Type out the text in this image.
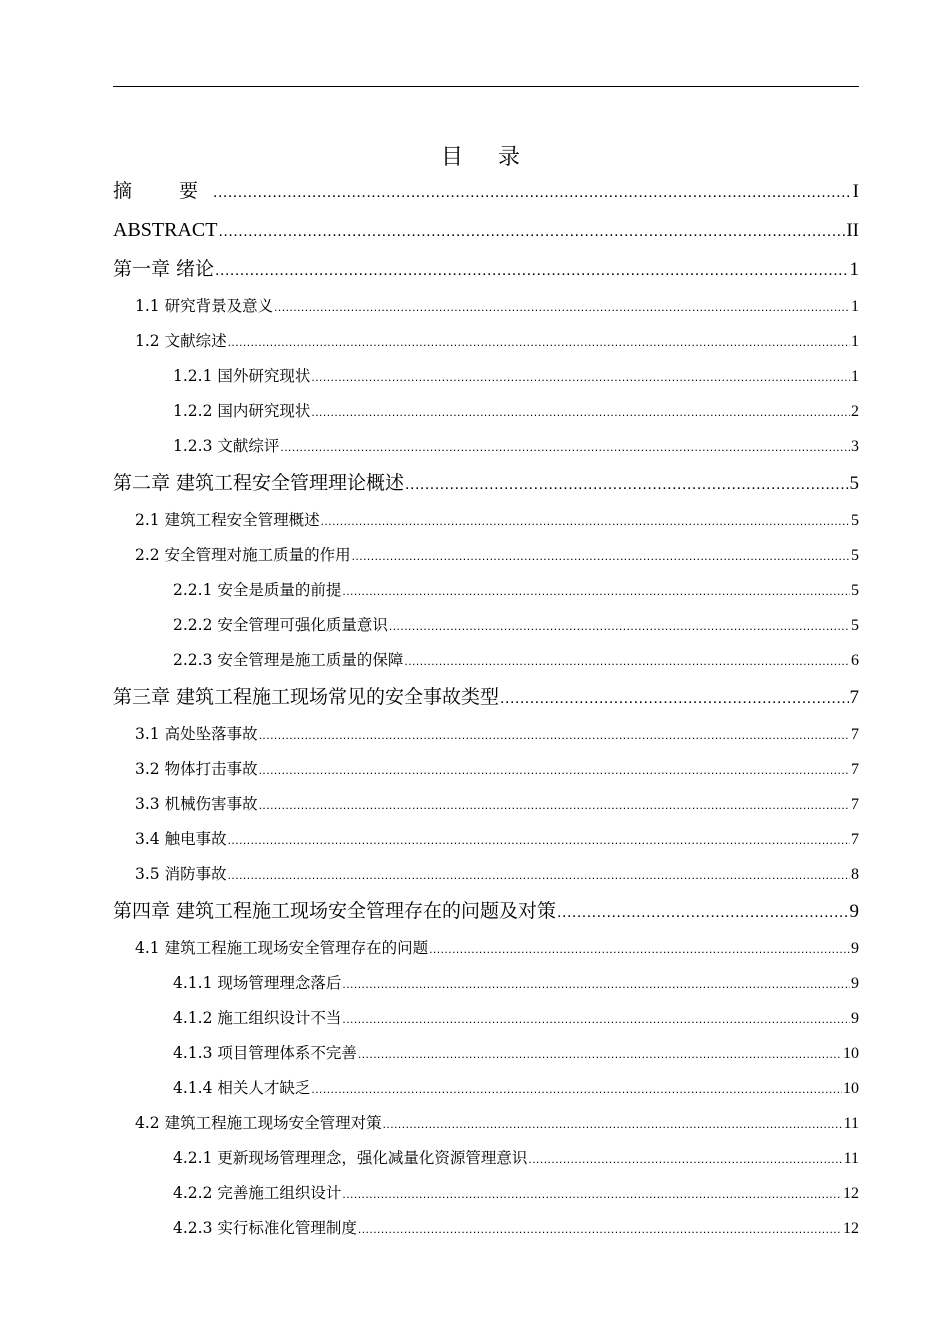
目 录
摘　要 .....	I
ABSTRACT .....	II
第一章 绪论 .....	1
1.1 研究背景及意义 .....	1
1.2 文献综述 .....	1
1.2.1 国外研究现状 .....	1
1.2.2 国内研究现状 .....	2
1.2.3 文献综评 .....	3
第二章 建筑工程安全管理理论概述 .....	5
2.1 建筑工程安全管理概述 .....	5
2.2 安全管理对施工质量的作用 .....	5
2.2.1 安全是质量的前提 .....	5
2.2.2 安全管理可强化质量意识 .....	5
2.2.3 安全管理是施工质量的保障 .....	6
第三章 建筑工程施工现场常见的安全事故类型 .....	7
3.1 高处坠落事故 .....	7
3.2 物体打击事故 .....	7
3.3 机械伤害事故 .....	7
3.4 触电事故 .....	7
3.5 消防事故 .....	8
第四章 建筑工程施工现场安全管理存在的问题及对策 .....	9
4.1 建筑工程施工现场安全管理存在的问题 .....	9
4.1.1 现场管理理念落后 .....	9
4.1.2 施工组织设计不当 .....	9
4.1.3 项目管理体系不完善 .....	10
4.1.4 相关人才缺乏 .....	10
4.2 建筑工程施工现场安全管理对策 .....	11
4.2.1 更新现场管理理念，强化减量化资源管理意识 .....	11
4.2.2 完善施工组织设计 .....	12
4.2.3 实行标准化管理制度 .....	12
